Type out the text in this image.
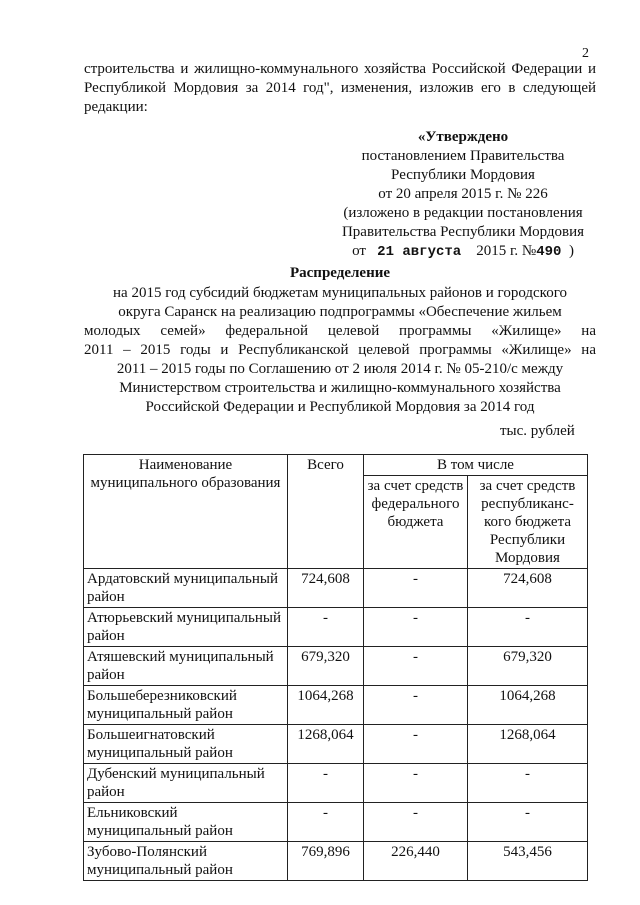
2
строительства и жилищно-коммунального хозяйства Российской Федерации и
Республикой Мордовия за 2014 год", изменения, изложив его в следующей
редакции:
«Утверждено
постановлением Правительства
Республики Мордовия
от 20 апреля 2015 г. № 226
(изложено в редакции постановления
Правительства Республики Мордовия
от 21 августа 2015 г. №490 )
Распределение
на 2015 год субсидий бюджетам муниципальных районов и городского
округа Саранск на реализацию подпрограммы «Обеспечение жильем
молодых семей» федеральной целевой программы «Жилище» на
2011 – 2015 годы и Республиканской целевой программы «Жилище» на
2011 – 2015 годы по Соглашению от 2 июля 2014 г. № 05-210/с между
Министерством строительства и жилищно-коммунального хозяйства
Российской Федерации и Республикой Мордовия за 2014 год
тыс. рублей
Наименование муниципального образования	Всего	В том числе	
		за счет средств федерального бюджета	за счет средств республиканс-кого бюджета Республики Мордовия
Ардатовский муниципальный район	724,608	-	724,608
Атюрьевский муниципальный район	-	-	-
Атяшевский муниципальный район	679,320	-	679,320
Большеберезниковский муниципальный район	1064,268	-	1064,268
Большеигнатовский муниципальный район	1268,064	-	1268,064
Дубенский муниципальный район	-	-	-
Ельниковский муниципальный район	-	-	-
Зубово-Полянский муниципальный район	769,896	226,440	543,456
